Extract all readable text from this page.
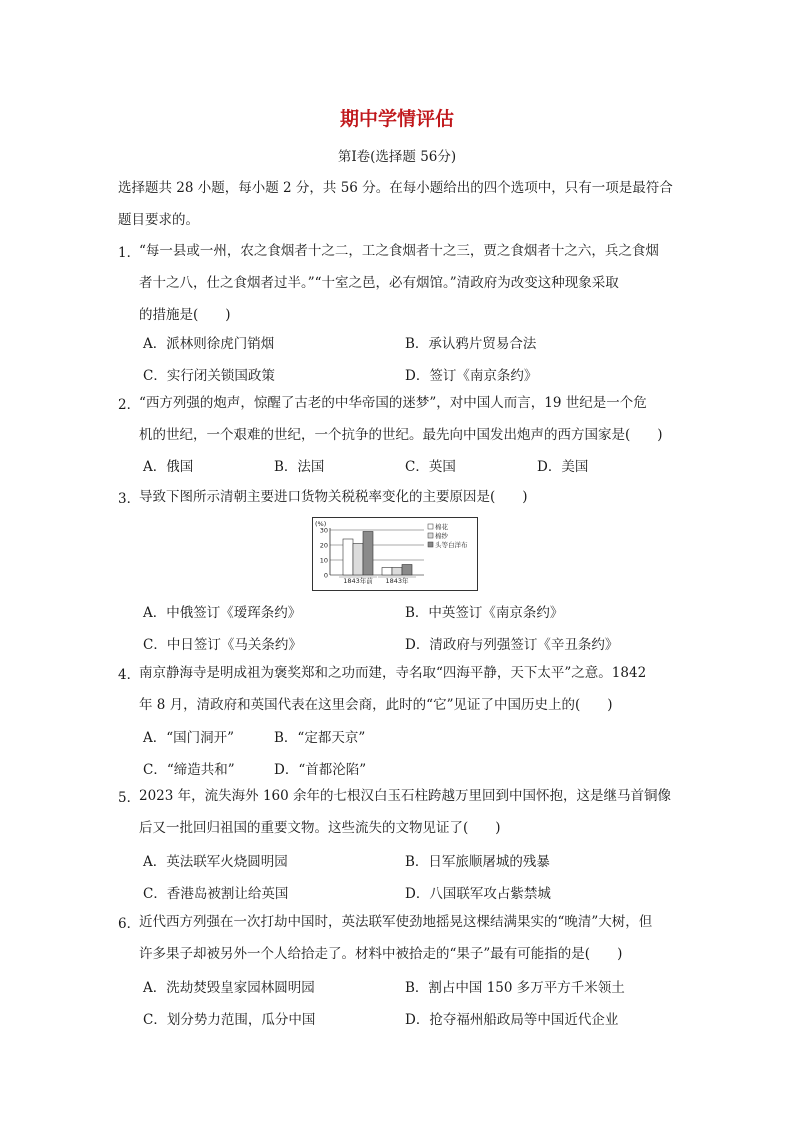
期中学情评估
第Ⅰ卷(选择题 56分)
选择题共 28 小题，每小题 2 分，共 56 分。在每小题给出的四个选项中，只有一项是最符合
题目要求的。
1．
“每一县或一州，农之食烟者十之二，工之食烟者十之三，贾之食烟者十之六，兵之食烟
者十之八，仕之食烟者过半。”“十室之邑，必有烟馆。”清政府为改变这种现象采取
的措施是(　　)
A．派林则徐虎门销烟	B．承认鸦片贸易合法
C．实行闭关锁国政策	D．签订《南京条约》
2．
“西方列强的炮声，惊醒了古老的中华帝国的迷梦”，对中国人而言，19 世纪是一个危
机的世纪，一个艰难的世纪，一个抗争的世纪。最先向中国发出炮声的西方国家是(　　)
A．俄国	B．法国	C．英国	D．美国
3．
导致下图所示清朝主要进口货物关税税率变化的主要原因是(　　)
(%)
30
20
10
0
1843年前 1843年
棉花
棉纱
头等白洋布
A．中俄签订《瑷珲条约》	B．中英签订《南京条约》
C．中日签订《马关条约》	D．清政府与列强签订《辛丑条约》
4．
南京静海寺是明成祖为褒奖郑和之功而建，寺名取“四海平静，天下太平”之意。1842
年 8 月，清政府和英国代表在这里会商，此时的“它”见证了中国历史上的(　　)
A．“国门洞开”	B．“定都天京”
C．“缔造共和”	D．“首都沦陷”
5．
2023 年，流失海外 160 余年的七根汉白玉石柱跨越万里回到中国怀抱，这是继马首铜像
后又一批回归祖国的重要文物。这些流失的文物见证了(　　)
A．英法联军火烧圆明园	B．日军旅顺屠城的残暴
C．香港岛被割让给英国	D．八国联军攻占紫禁城
6．
近代西方列强在一次打劫中国时，英法联军使劲地摇晃这棵结满果实的“晚清”大树，但
许多果子却被另外一个人给拾走了。材料中被拾走的“果子”最有可能指的是(　　)
A．洗劫焚毁皇家园林圆明园	B．割占中国 150 多万平方千米领土
C．划分势力范围，瓜分中国	D．抢夺福州船政局等中国近代企业
